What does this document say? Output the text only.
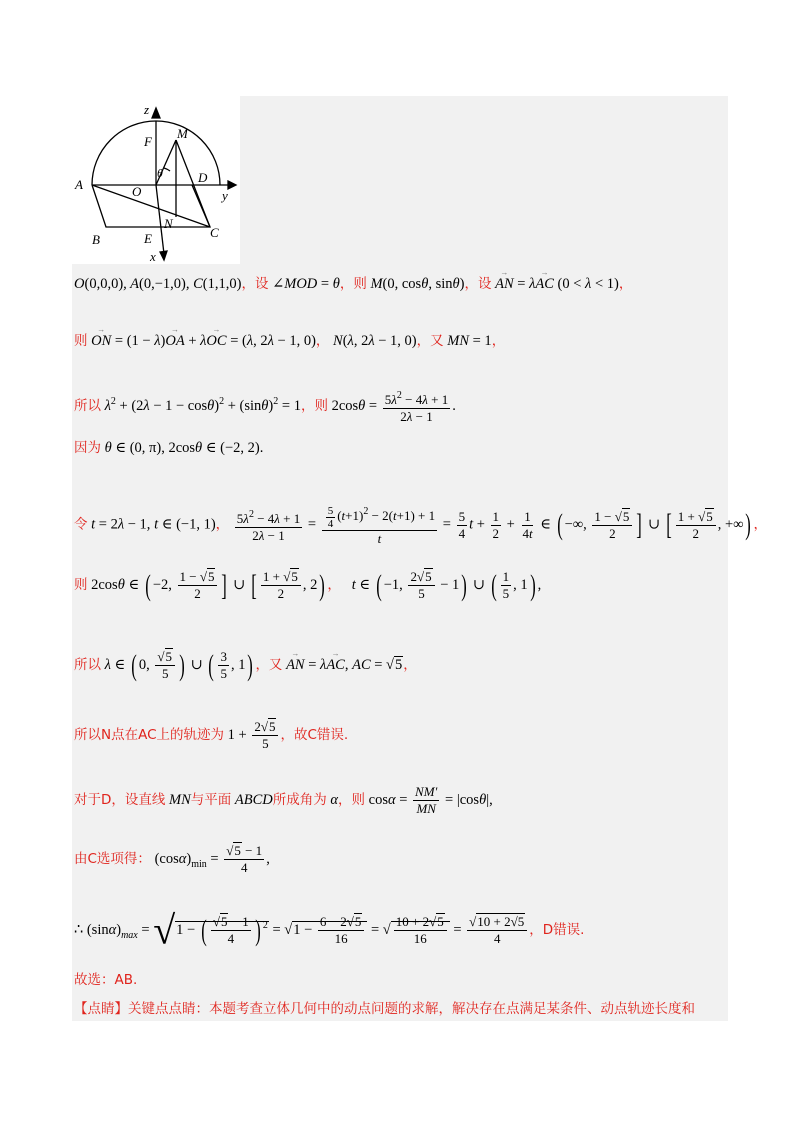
z
M
F
θ
A	O
D
y
N
B	E	C
x
O(0,0,0), A(0,−1,0), C(1,1,0)，设 ∠MOD = θ，则 M(0, cosθ, sinθ)，设 → AN = λ→ AC (0 < λ < 1)，
则 → ON = (1 − λ)→ OA + λ→ OC = (λ, 2λ − 1, 0)， N(λ, 2λ − 1, 0)，又 MN = 1，
所以 $\lambda^2 + (2\lambda - 1 - \cos\theta)^2 + (\sin\theta)^2 = 1$，则 $2\cos\theta = \frac{5\lambda^2 - 4\lambda + 1}{2\lambda - 1}$ .
因为 θ ∈ (0, π), 2cosθ ∈ (−2, 2).
令 t = 2λ − 1, t ∈ (−1, 1)， $\frac{5\lambda^2 - 4\lambda + 1}{2\lambda - 1} = \frac{\frac{5}{4} (t+1)^2 - 2(t+1) + 1}{t} = \frac{5}{4}$ $t + \frac{1}{2} + \frac{1}{4t}$ ∈ ( −∞, $\frac{1 - √5}{2}$ ] ∪ [ $\frac{1 + √5}{2}$ , +∞) ，
则 2cosθ ∈ ( −2, $\frac{1 - √5}{2}$ ] ∪ [ $\frac{1 + √5}{2}$ , 2) ， t ∈ ( −1, $\frac{2√5}{5} - 1$) ∪ ( $\frac{1}{5}$ , 1) ,
所以 λ ∈ ( 0, $\frac{√5}{5}$ ) ∪ ( $\frac{3}{5}$ , 1) ，又 → AN = λ→ AC, AC = √5，
所以N点在AC上的轨迹为 $1 + \frac{2√5}{5}$ ，故C错误.
对于D，设直线 MN与平面 ABCD所成角为 α，则 $\cos\alpha = \frac{NM'}{MN} = |\cos\theta|$,
由C选项得： $(\cos\alpha)_{min} = \frac{√5 - 1}{4}$ ,
∴ $(\sin\alpha)_{max} = √1$ − ( $\frac{√5 - 1}{4}$ ) $^2 = √1 - \frac{6 - 2√5}{16}$ = √ $\frac{10 + 2√5}{16} = \frac{√10 + 2√5}{4}$ ，D错误.
故选：AB.
【点睛】关键点点睛：本题考查立体几何中的动点问题的求解，解决存在点满足某条件、动点轨迹长度和
